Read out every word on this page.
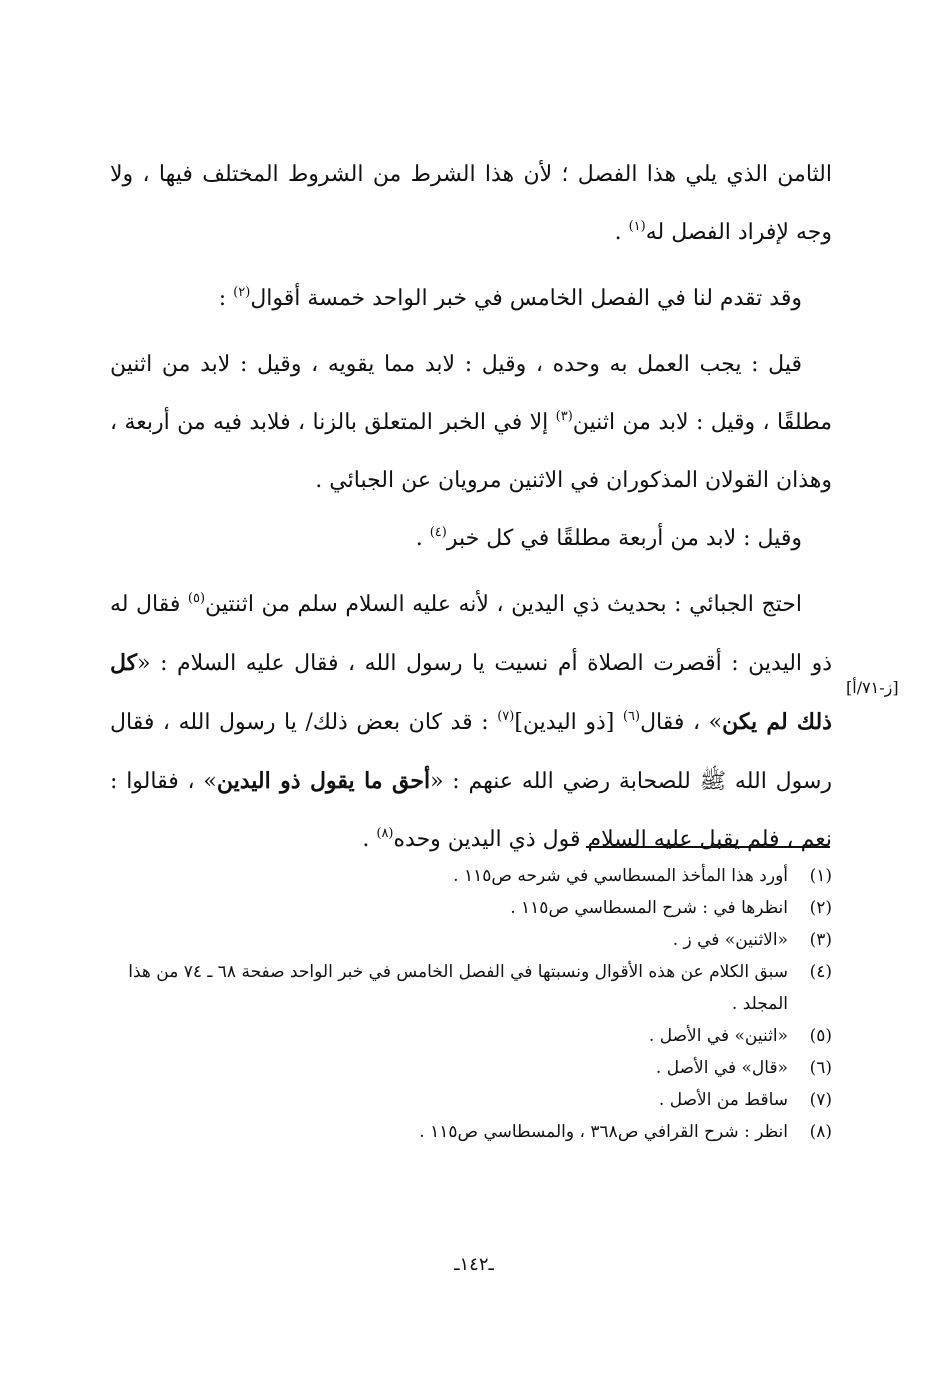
الثامن الذي يلي هذا الفصل ؛ لأن هذا الشرط من الشروط المختلف فيها ، ولا وجه لإفراد الفصل له$^{(١)}$ .

وقد تقدم لنا في الفصل الخامس في خبر الواحد خمسة أقوال$^{(٢)}$ :

قيل : يجب العمل به وحده ، وقيل : لابد مما يقويه ، وقيل : لابد من اثنين مطلقًا ، وقيل : لابد من اثنين$^{(٣)}$ إلا في الخبر المتعلق بالزنا ، فلابد فيه من أربعة ، وهذان القولان المذكوران في الاثنين مرويان عن الجبائي .

وقيل : لابد من أربعة مطلقًا في كل خبر$^{(٤)}$ .

احتج الجبائي : بحديث ذي اليدين ، لأنه عليه السلام سلم من اثنتين$^{(٥)}$ فقال له ذو اليدين : أقصرت الصلاة أم نسيت يا رسول الله ، فقال عليه السلام : «كل ذلك لم يكن» ، فقال$^{(٦)}$ [ذو اليدين]$^{(٧)}$ : قد كان بعض ذلك/ يا رسول الله ، فقال رسول الله ﷺ للصحابة رضي الله عنهم : «أحق ما يقول ذو اليدين» ، فقالوا : نعم ، فلم يقبل عليه السلام قول ذي اليدين وحده$^{(٨)}$ .

[ز-٧١/أ]
(١)
أورد هذا المأخذ المسطاسي في شرحه ص١١٥ .
(٢)
انظرها في : شرح المسطاسي ص١١٥ .
(٣)
«الاثنين» في ز .
(٤)
سبق الكلام عن هذه الأقوال ونسبتها في الفصل الخامس في خبر الواحد صفحة ٦٨ ـ ٧٤ من هذا المجلد .
(٥)
«اثنين» في الأصل .
(٦)
«قال» في الأصل .
(٧)
ساقط من الأصل .
(٨)
انظر : شرح القرافي ص٣٦٨ ، والمسطاسي ص١١٥ .
ـ١٤٢ـ
